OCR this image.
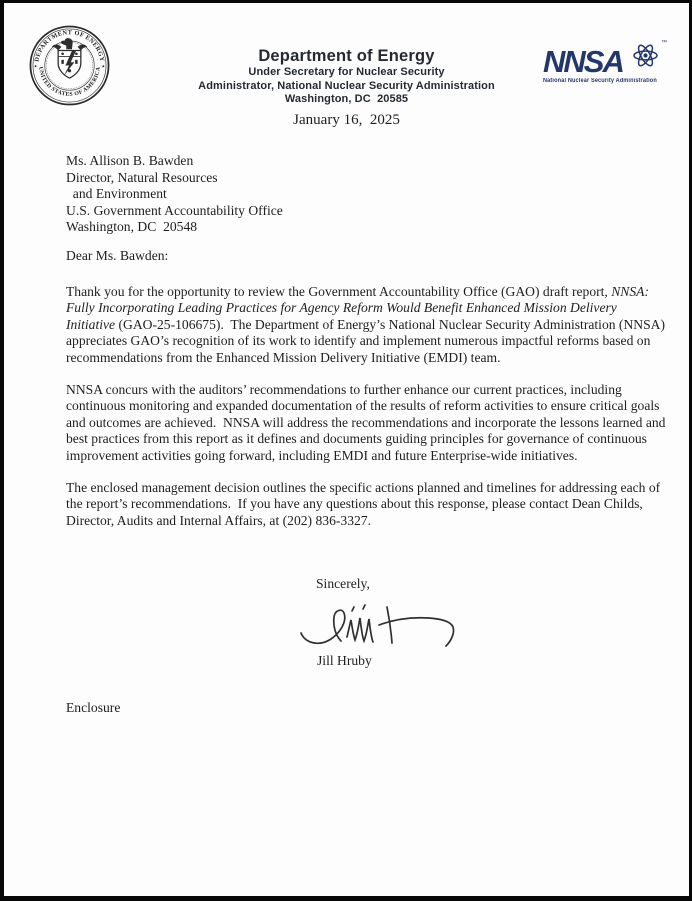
DEPARTMENT OF ENERGY
UNITED STATES OF AMERICA
★	★
Department of Energy
Under Secretary for Nuclear Security
Administrator, National Nuclear Security Administration
Washington, DC  20585
NNSA
™
National Nuclear Security Administration
January 16,  2025
Ms. Allison B. Bawden
Director, Natural Resources
and Environment
U.S. Government Accountability Office
Washington, DC  20548
Dear Ms. Bawden:

Thank you for the opportunity to review the Government Accountability Office (GAO) draft report, NNSA:  Fully Incorporating Leading Practices for Agency Reform Would Benefit Enhanced Mission Delivery Initiative (GAO-25-106675).  The Department of Energy’s National Nuclear Security Administration (NNSA) appreciates GAO’s recognition of its work to identify and implement numerous impactful reforms based on recommendations from the Enhanced Mission Delivery Initiative (EMDI) team.

NNSA concurs with the auditors’ recommendations to further enhance our current practices, including continuous monitoring and expanded documentation of the results of reform activities to ensure critical goals and outcomes are achieved.  NNSA will address the recommendations and incorporate the lessons learned and best practices from this report as it defines and documents guiding principles for governance of continuous improvement activities going forward, including EMDI and future Enterprise-wide initiatives.

The enclosed management decision outlines the specific actions planned and timelines for addressing each of the report’s recommendations.  If you have any questions about this response, please contact Dean Childs, Director, Audits and Internal Affairs, at (202) 836-3327.

Sincerely,
Jill Hruby
Enclosure
